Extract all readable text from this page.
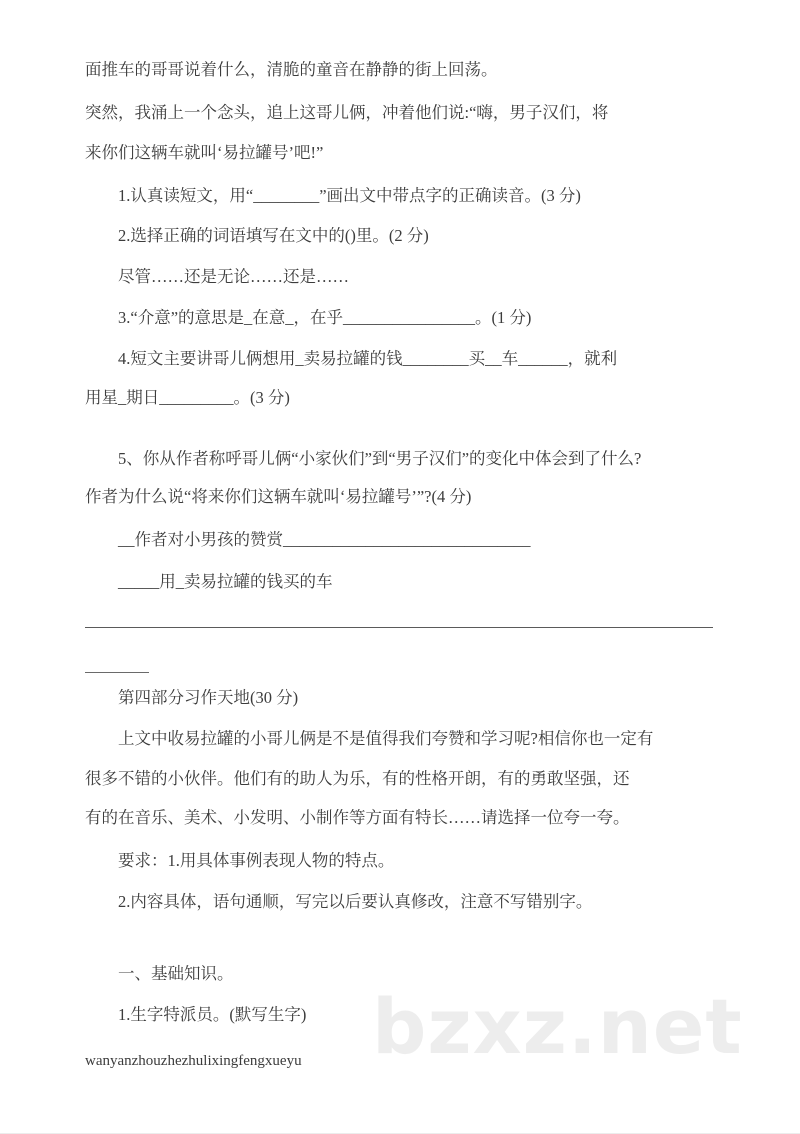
bzxz.net

面推车的哥哥说着什么，清脆的童音在静静的街上回荡。

突然，我涌上一个念头，追上这哥儿俩，冲着他们说:“嗨，男子汉们，将

来你们这辆车就叫‘易拉罐号’吧!”

1.认真读短文，用“________”画出文中带点字的正确读音。(3 分)

2.选择正确的词语填写在文中的()里。(2 分)

尽管……还是无论……还是……

3.“介意”的意思是_在意_，在乎________________。(1 分)

4.短文主要讲哥儿俩想用_卖易拉罐的钱________买__车______，就利

用星_期日_________。(3 分)

5、你从作者称呼哥儿俩“小家伙们”到“男子汉们”的变化中体会到了什么?

作者为什么说“将来你们这辆车就叫‘易拉罐号’”?(4 分)

__作者对小男孩的赞赏______________________________

_____用_卖易拉罐的钱买的车

第四部分习作天地(30 分)

上文中收易拉罐的小哥儿俩是不是值得我们夸赞和学习呢?相信你也一定有

很多不错的小伙伴。他们有的助人为乐，有的性格开朗，有的勇敢坚强，还

有的在音乐、美术、小发明、小制作等方面有特长……请选择一位夸一夸。

要求：1.用具体事例表现人物的特点。

2.内容具体，语句通顺，写完以后要认真修改，注意不写错别字。

一、基础知识。

1.生字特派员。(默写生字)

wanyanzhouzhezhulixingfengxueyu
